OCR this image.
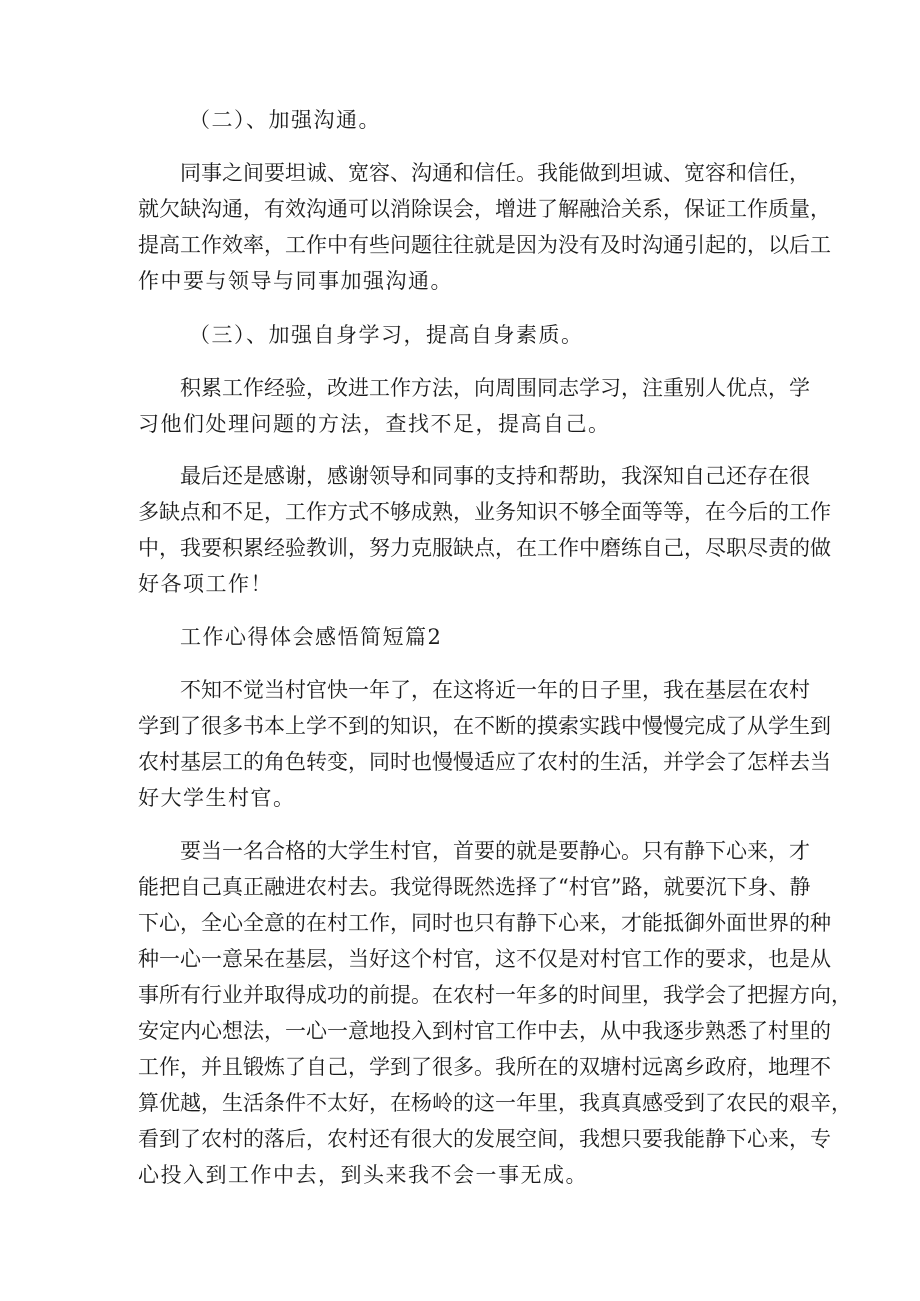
（二）、加强沟通。
同事之间要坦诚、宽容、沟通和信任。我能做到坦诚、宽容和信任，
就欠缺沟通，有效沟通可以消除误会，增进了解融洽关系，保证工作质量，
提高工作效率，工作中有些问题往往就是因为没有及时沟通引起的，以后工
作中要与领导与同事加强沟通。
（三）、加强自身学习，提高自身素质。
积累工作经验，改进工作方法，向周围同志学习，注重别人优点，学
习他们处理问题的方法，查找不足，提高自己。
最后还是感谢，感谢领导和同事的支持和帮助，我深知自己还存在很
多缺点和不足，工作方式不够成熟，业务知识不够全面等等，在今后的工作
中，我要积累经验教训，努力克服缺点，在工作中磨练自己，尽职尽责的做
好各项工作！
工作心得体会感悟简短篇2
不知不觉当村官快一年了，在这将近一年的日子里，我在基层在农村
学到了很多书本上学不到的知识，在不断的摸索实践中慢慢完成了从学生到
农村基层工的角色转变，同时也慢慢适应了农村的生活，并学会了怎样去当
好大学生村官。
要当一名合格的大学生村官，首要的就是要静心。只有静下心来，才
能把自己真正融进农村去。我觉得既然选择了“村官”路，就要沉下身、静
下心，全心全意的在村工作，同时也只有静下心来，才能抵御外面世界的种
种一心一意呆在基层，当好这个村官，这不仅是对村官工作的要求，也是从
事所有行业并取得成功的前提。在农村一年多的时间里，我学会了把握方向，
安定内心想法，一心一意地投入到村官工作中去，从中我逐步熟悉了村里的
工作，并且锻炼了自己，学到了很多。我所在的双塘村远离乡政府，地理不
算优越，生活条件不太好，在杨岭的这一年里，我真真感受到了农民的艰辛，
看到了农村的落后，农村还有很大的发展空间，我想只要我能静下心来，专
心投入到工作中去，到头来我不会一事无成。
